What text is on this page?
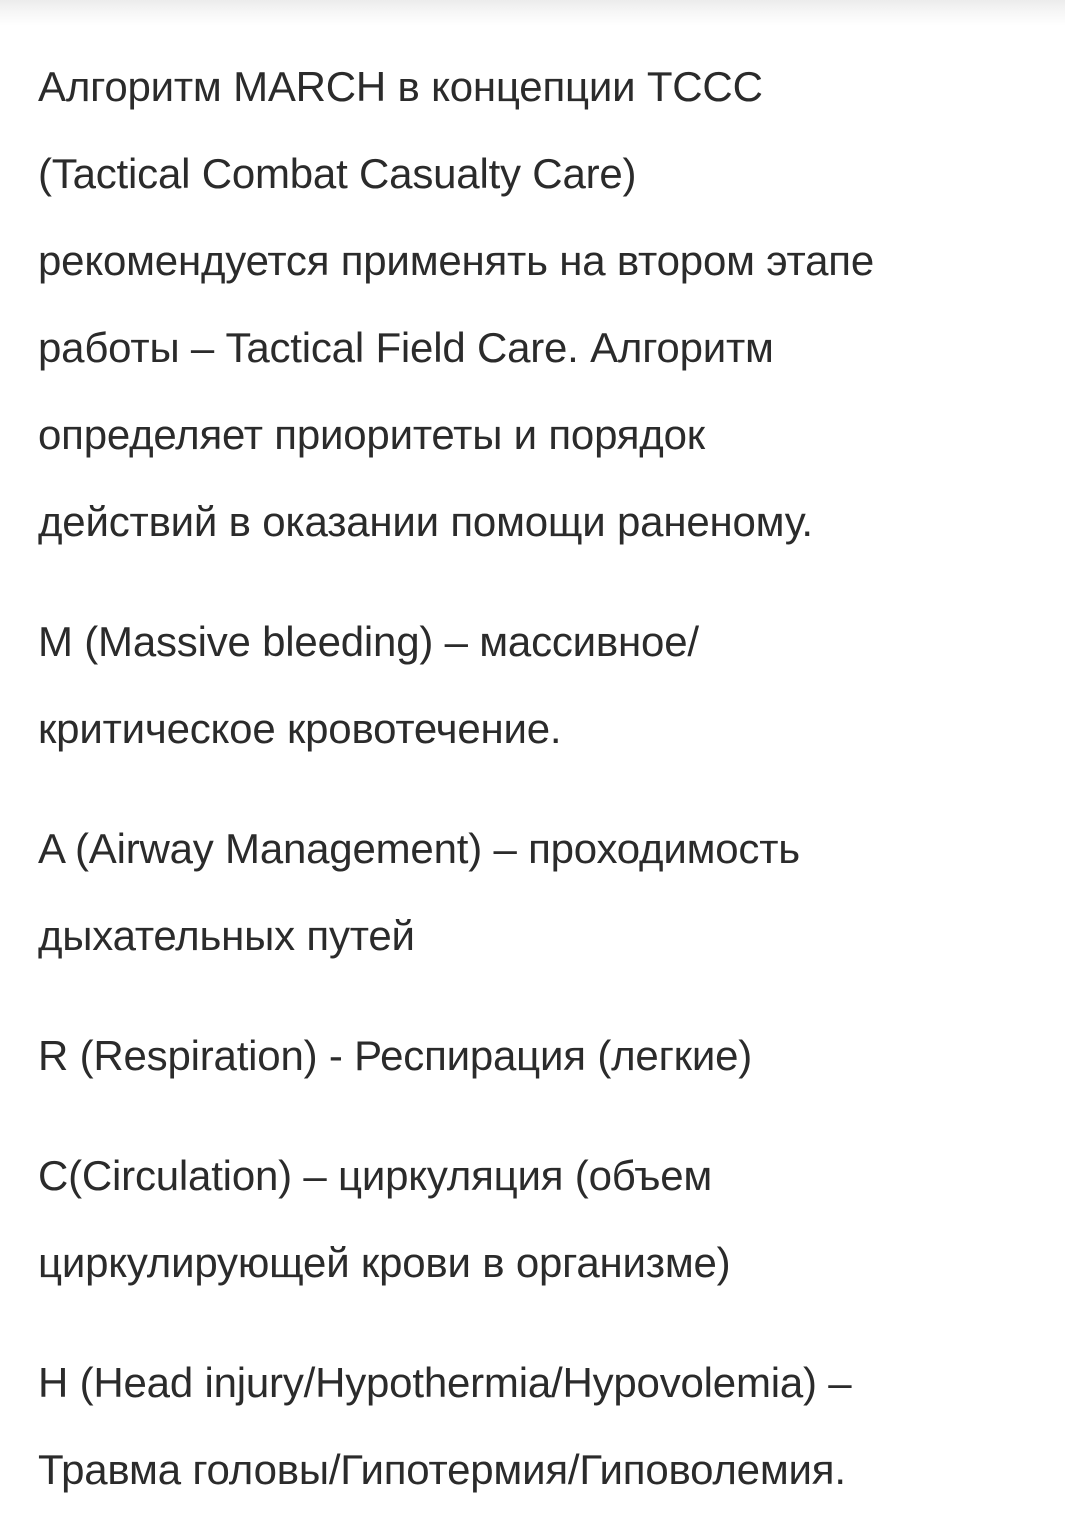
Алгоритм MARCH в концепции TCCC
(Tactical Combat Casualty Care)
рекомендуется применять на втором этапе
работы – Tactical Field Care. Алгоритм
определяет приоритеты и порядок
действий в оказании помощи раненому.

M (Massive bleeding) – массивное/
критическое кровотечение.

A (Airway Management) – проходимость
дыхательных путей

R (Respiration) - Респирация (легкие)

C(Circulation) – циркуляция (объем
циркулирующей крови в организме)

H (Head injury/Hypothermia/Hypovolemia) –
Травма головы/Гипотермия/Гиповолемия.
